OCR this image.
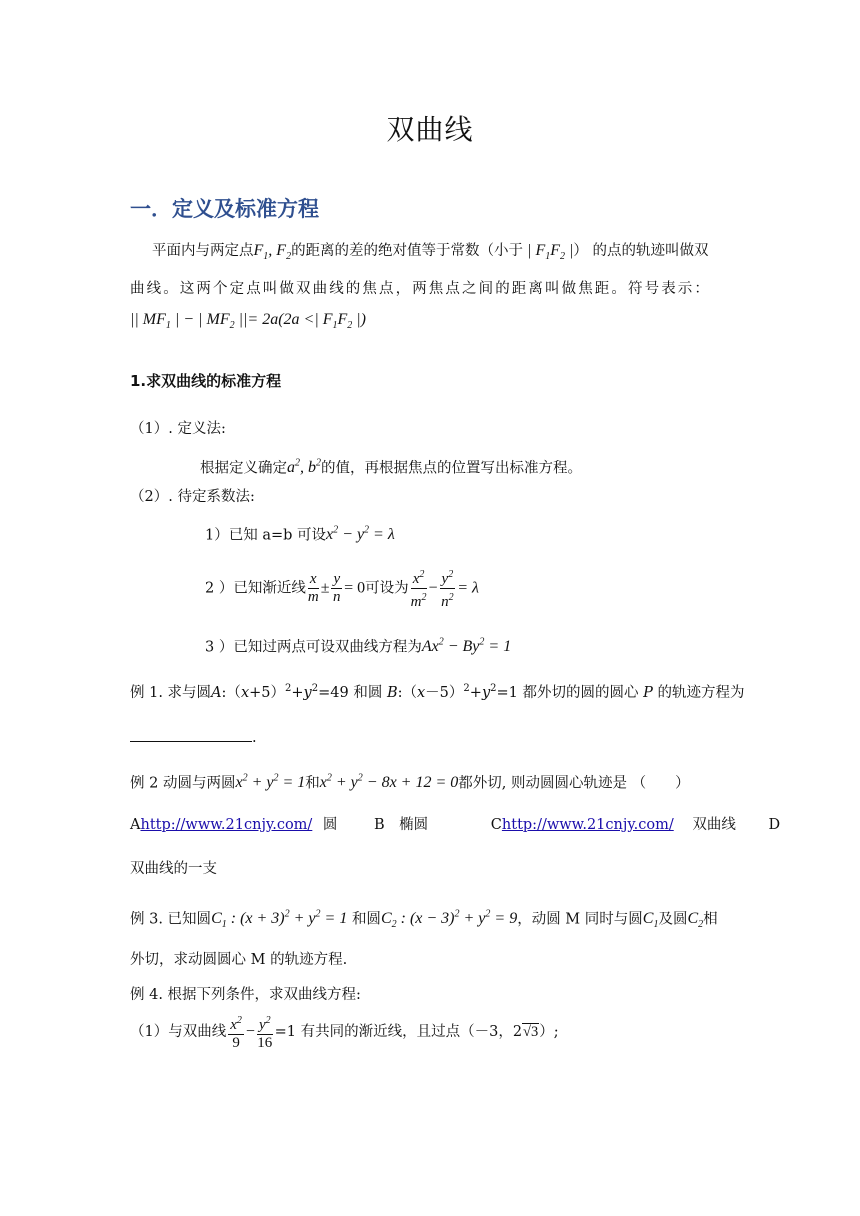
双曲线
一．定义及标准方程
平面内与两定点$F_1$, $F_2$的距离的差的绝对值等于常数（小于 | $F_1F_2$ |） 的点的轨迹叫做双
曲线。这两个定点叫做双曲线的焦点，两焦点之间的距离叫做焦距。符号表示：
|| $MF_1$ | − | $MF_2$ ||= 2a(2a <| $F_1F_2$ |)
1.求双曲线的标准方程
（1）. 定义法:
根据定义确定$a^2$, $b^2$的值，再根据焦点的位置写出标准方程。
（2）. 待定系数法:
1）已知 a=b 可设$x^2 - y^2 = \lambda$
2 ）已知渐近线 $\frac{x}{m} \pm \frac{y}{n} = 0$可设为 $\frac{x^2}{m^2} - \frac{y^2}{n^2} = \lambda$
3 ）已知过两点可设双曲线方程为$Ax^2 - By^2 = 1$
例 1. 求与圆$A:(x+5)^2+y^2=49$ 和圆 $B:(x-5)^2+y^2=1$ 都外切的圆的圆心 P 的轨迹方程为
.
例 2 动圆与两圆$x^2 + y^2 = 1$和$x^2 + y^2 - 8x + 12 = 0$都外切, 则动圆圆心轨迹是 （　　）
Ahttp://www.21cnjy.com/ 圆	B　椭圆	Chttp://www.21cnjy.com/ 双曲线 D
双曲线的一支
例 3. 已知圆$C_1$ : $(x + 3)^2 + y^2 = 1$ 和圆$C_2$ : $(x - 3)^2 + y^2 = 9$，动圆 M 同时与圆$C_1$及圆$C_2$相
外切，求动圆圆心 M 的轨迹方程.
例 4. 根据下列条件，求双曲线方程:
（1）与双曲线 $\frac{x^2}{9} - \frac{y^2}{16} =1$ 有共同的渐近线，且过点（－3，2√3）;
